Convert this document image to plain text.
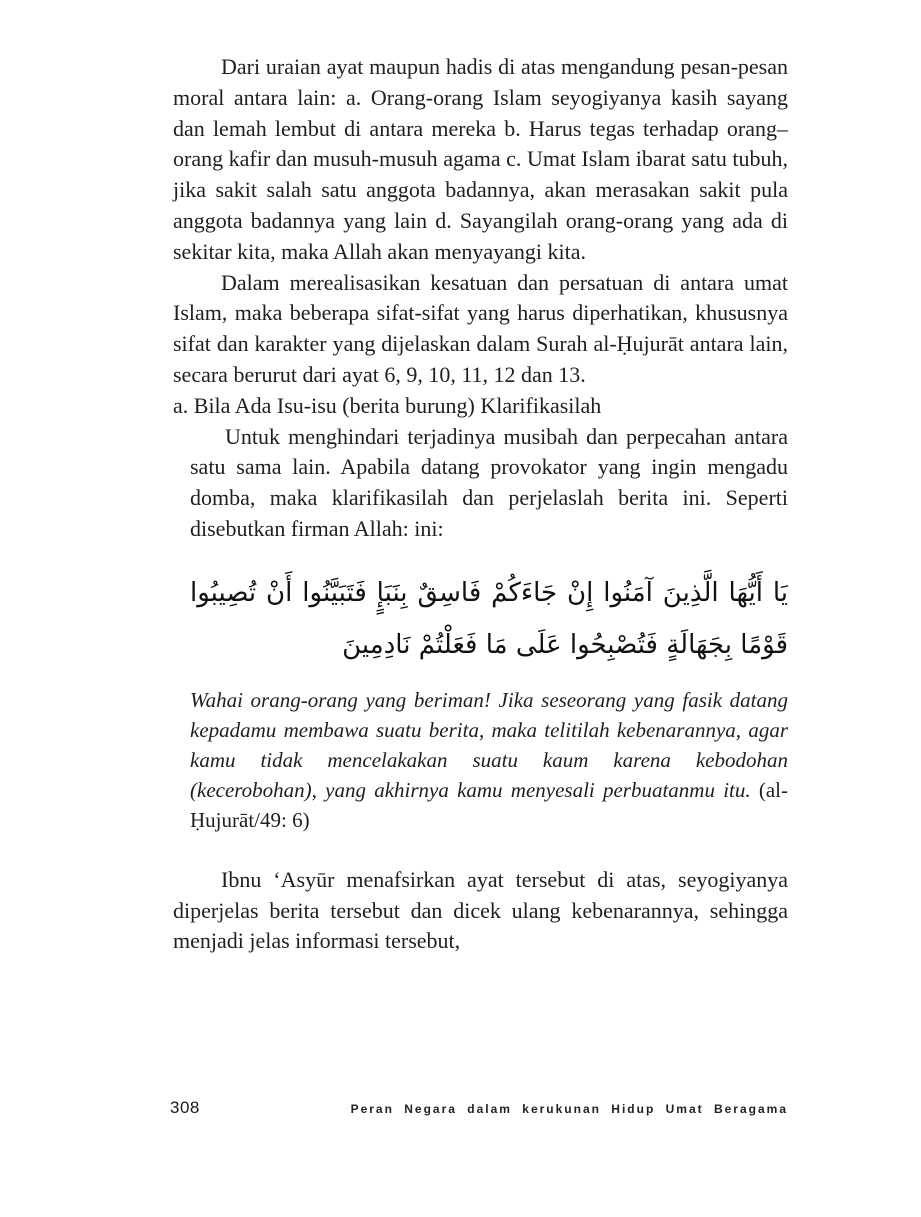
Dari uraian ayat maupun hadis di atas mengandung pesan-pesan moral antara lain: a. Orang-orang Islam seyogiyanya kasih sayang dan lemah lembut di antara mereka b. Harus tegas terhadap orang–orang kafir dan musuh-musuh agama c. Umat Islam ibarat satu tubuh, jika sakit salah satu anggota badannya, akan merasakan sakit pula anggota badannya yang lain d. Sayangilah orang-orang yang ada di sekitar kita, maka Allah akan menyayangi kita.

Dalam merealisasikan kesatuan dan persatuan di antara umat Islam, maka beberapa sifat-sifat yang harus diperhatikan, khususnya sifat dan karakter yang dijelaskan dalam Surah al-Ḥujurāt antara lain, secara berurut dari ayat 6, 9, 10, 11, 12 dan 13.

a. Bila Ada Isu-isu (berita burung) Klarifikasilah

Untuk menghindari terjadinya musibah dan perpecahan antara satu sama lain. Apabila datang provokator yang ingin mengadu domba, maka klarifikasilah dan perjelaslah berita ini. Seperti disebutkan firman Allah: ini:

يَا أَيُّهَا الَّذِينَ آمَنُوا إِنْ جَاءَكُمْ فَاسِقٌ بِنَبَإٍ فَتَبَيَّنُوا أَنْ تُصِيبُوا قَوْمًا بِجَهَالَةٍ فَتُصْبِحُوا عَلَى مَا فَعَلْتُمْ نَادِمِينَ

Wahai orang-orang yang beriman! Jika seseorang yang fasik datang kepadamu membawa suatu berita, maka telitilah kebenarannya, agar kamu tidak mencelakakan suatu kaum karena kebodohan (kecerobohan), yang akhirnya kamu menyesali perbuatanmu itu. (al-Ḥujurāt/49: 6)

Ibnu ʻAsyūr menafsirkan ayat tersebut di atas, seyogiyanya diperjelas berita tersebut dan dicek ulang kebenarannya, sehingga menjadi jelas informasi tersebut,

308	Peran Negara dalam kerukunan Hidup Umat Beragama
